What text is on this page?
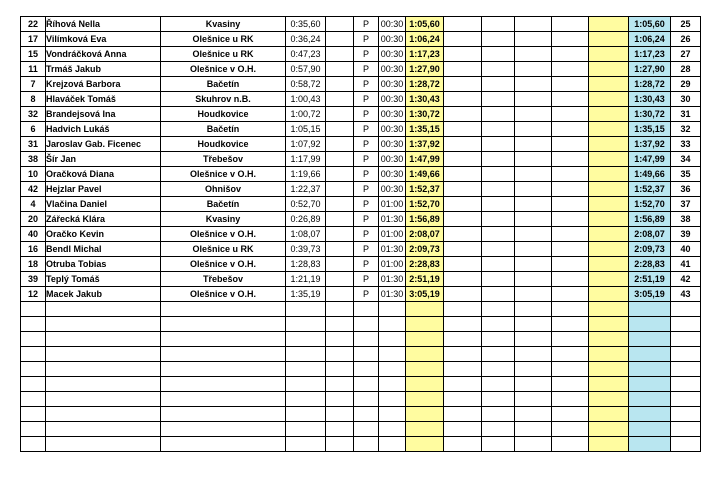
22	Říhová Nella	Kvasiny	0:35,60		P	00:30	1:05,60						1:05,60	25
17	Vilímková Eva	Olešnice u RK	0:36,24		P	00:30	1:06,24						1:06,24	26
15	Vondráčková Anna	Olešnice u RK	0:47,23		P	00:30	1:17,23						1:17,23	27
11	Trmáš Jakub	Olešnice v O.H.	0:57,90		P	00:30	1:27,90						1:27,90	28
7	Krejzová Barbora	Bačetín	0:58,72		P	00:30	1:28,72						1:28,72	29
8	Hlaváček Tomáš	Skuhrov n.B.	1:00,43		P	00:30	1:30,43						1:30,43	30
32	Brandejsová Ina	Houdkovice	1:00,72		P	00:30	1:30,72						1:30,72	31
6	Hadvich Lukáš	Bačetín	1:05,15		P	00:30	1:35,15						1:35,15	32
31	Jaroslav Gab. Ficenec	Houdkovice	1:07,92		P	00:30	1:37,92						1:37,92	33
38	Šír Jan	Třebešov	1:17,99		P	00:30	1:47,99						1:47,99	34
10	Oračková Diana	Olešnice v O.H.	1:19,66		P	00:30	1:49,66						1:49,66	35
42	Hejzlar Pavel	Ohnišov	1:22,37		P	00:30	1:52,37						1:52,37	36
4	Vlačina Daniel	Bačetín	0:52,70		P	01:00	1:52,70						1:52,70	37
20	Zářecká Klára	Kvasiny	0:26,89		P	01:30	1:56,89						1:56,89	38
40	Oračko Kevin	Olešnice v O.H.	1:08,07		P	01:00	2:08,07						2:08,07	39
16	Bendl Michal	Olešnice u RK	0:39,73		P	01:30	2:09,73						2:09,73	40
18	Otruba Tobias	Olešnice v O.H.	1:28,83		P	01:00	2:28,83						2:28,83	41
39	Teplý Tomáš	Třebešov	1:21,19		P	01:30	2:51,19						2:51,19	42
12	Macek Jakub	Olešnice v O.H.	1:35,19		P	01:30	3:05,19						3:05,19	43
